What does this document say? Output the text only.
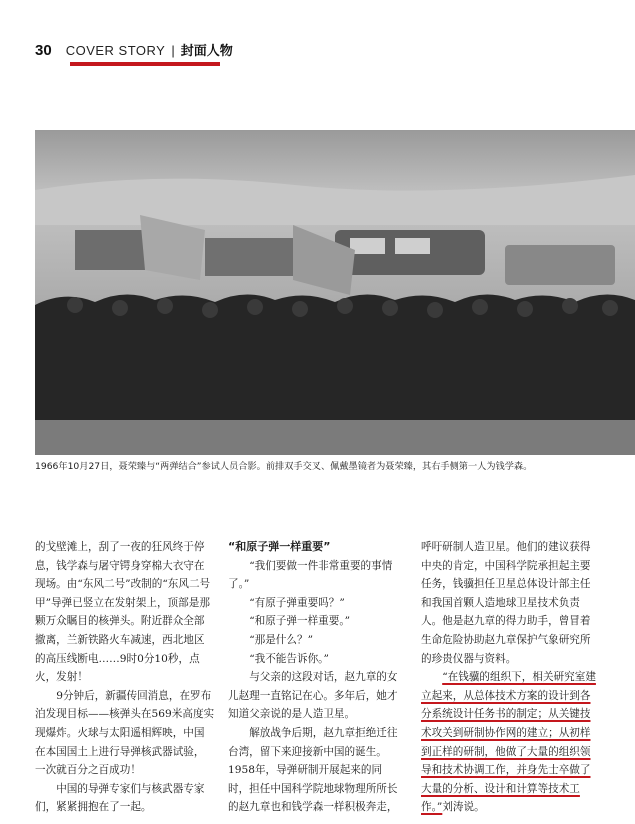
30 COVER STORY | 封面人物
1966年10月27日，聂荣臻与“两弹结合”参试人员合影。前排双手交叉、佩戴墨镜者为聂荣臻，其右手侧第一人为钱学森。

的戈壁滩上，刮了一夜的狂风终于停息，钱学森与屠守锷身穿棉大衣守在现场。由“东风二号”改制的“东风二号甲”导弹已竖立在发射架上，顶部是那颗万众瞩目的核弹头。附近群众全部撤离，兰新铁路火车减速，西北地区的高压线断电……9时0分10秒，点火，发射！

9分钟后，新疆传回消息，在罗布泊发现目标——核弹头在569米高度实现爆炸。火球与太阳遥相辉映，中国在本国国土上进行导弹核武器试验，一次就百分之百成功！

中国的导弹专家们与核武器专家们，紧紧拥抱在了一起。

“和原子弹一样重要”

“我们要做一件非常重要的事情了。”

“有原子弹重要吗？”

“和原子弹一样重要。”

“那是什么？”

“我不能告诉你。”

与父亲的这段对话，赵九章的女儿赵理一直铭记在心。多年后，她才知道父亲说的是人造卫星。

解放战争后期，赵九章拒绝迁往台湾，留下来迎接新中国的诞生。1958年，导弹研制开展起来的同时，担任中国科学院地球物理所所长的赵九章也和钱学森一样积极奔走，

呼吁研制人造卫星。他们的建议获得中央的肯定，中国科学院承担起主要任务，钱骥担任卫星总体设计部主任和我国首颗人造地球卫星技术负责人。他是赵九章的得力助手，曾冒着生命危险协助赵九章保护气象研究所的珍贵仪器与资料。

“在钱骥的组织下，相关研究室建立起来，从总体技术方案的设计到各分系统设计任务书的制定；从关键技术攻关到研制协作网的建立；从初样到正样的研制，他做了大量的组织领导和技术协调工作，并身先士卒做了大量的分析、设计和计算等技术工作。”刘涛说。
